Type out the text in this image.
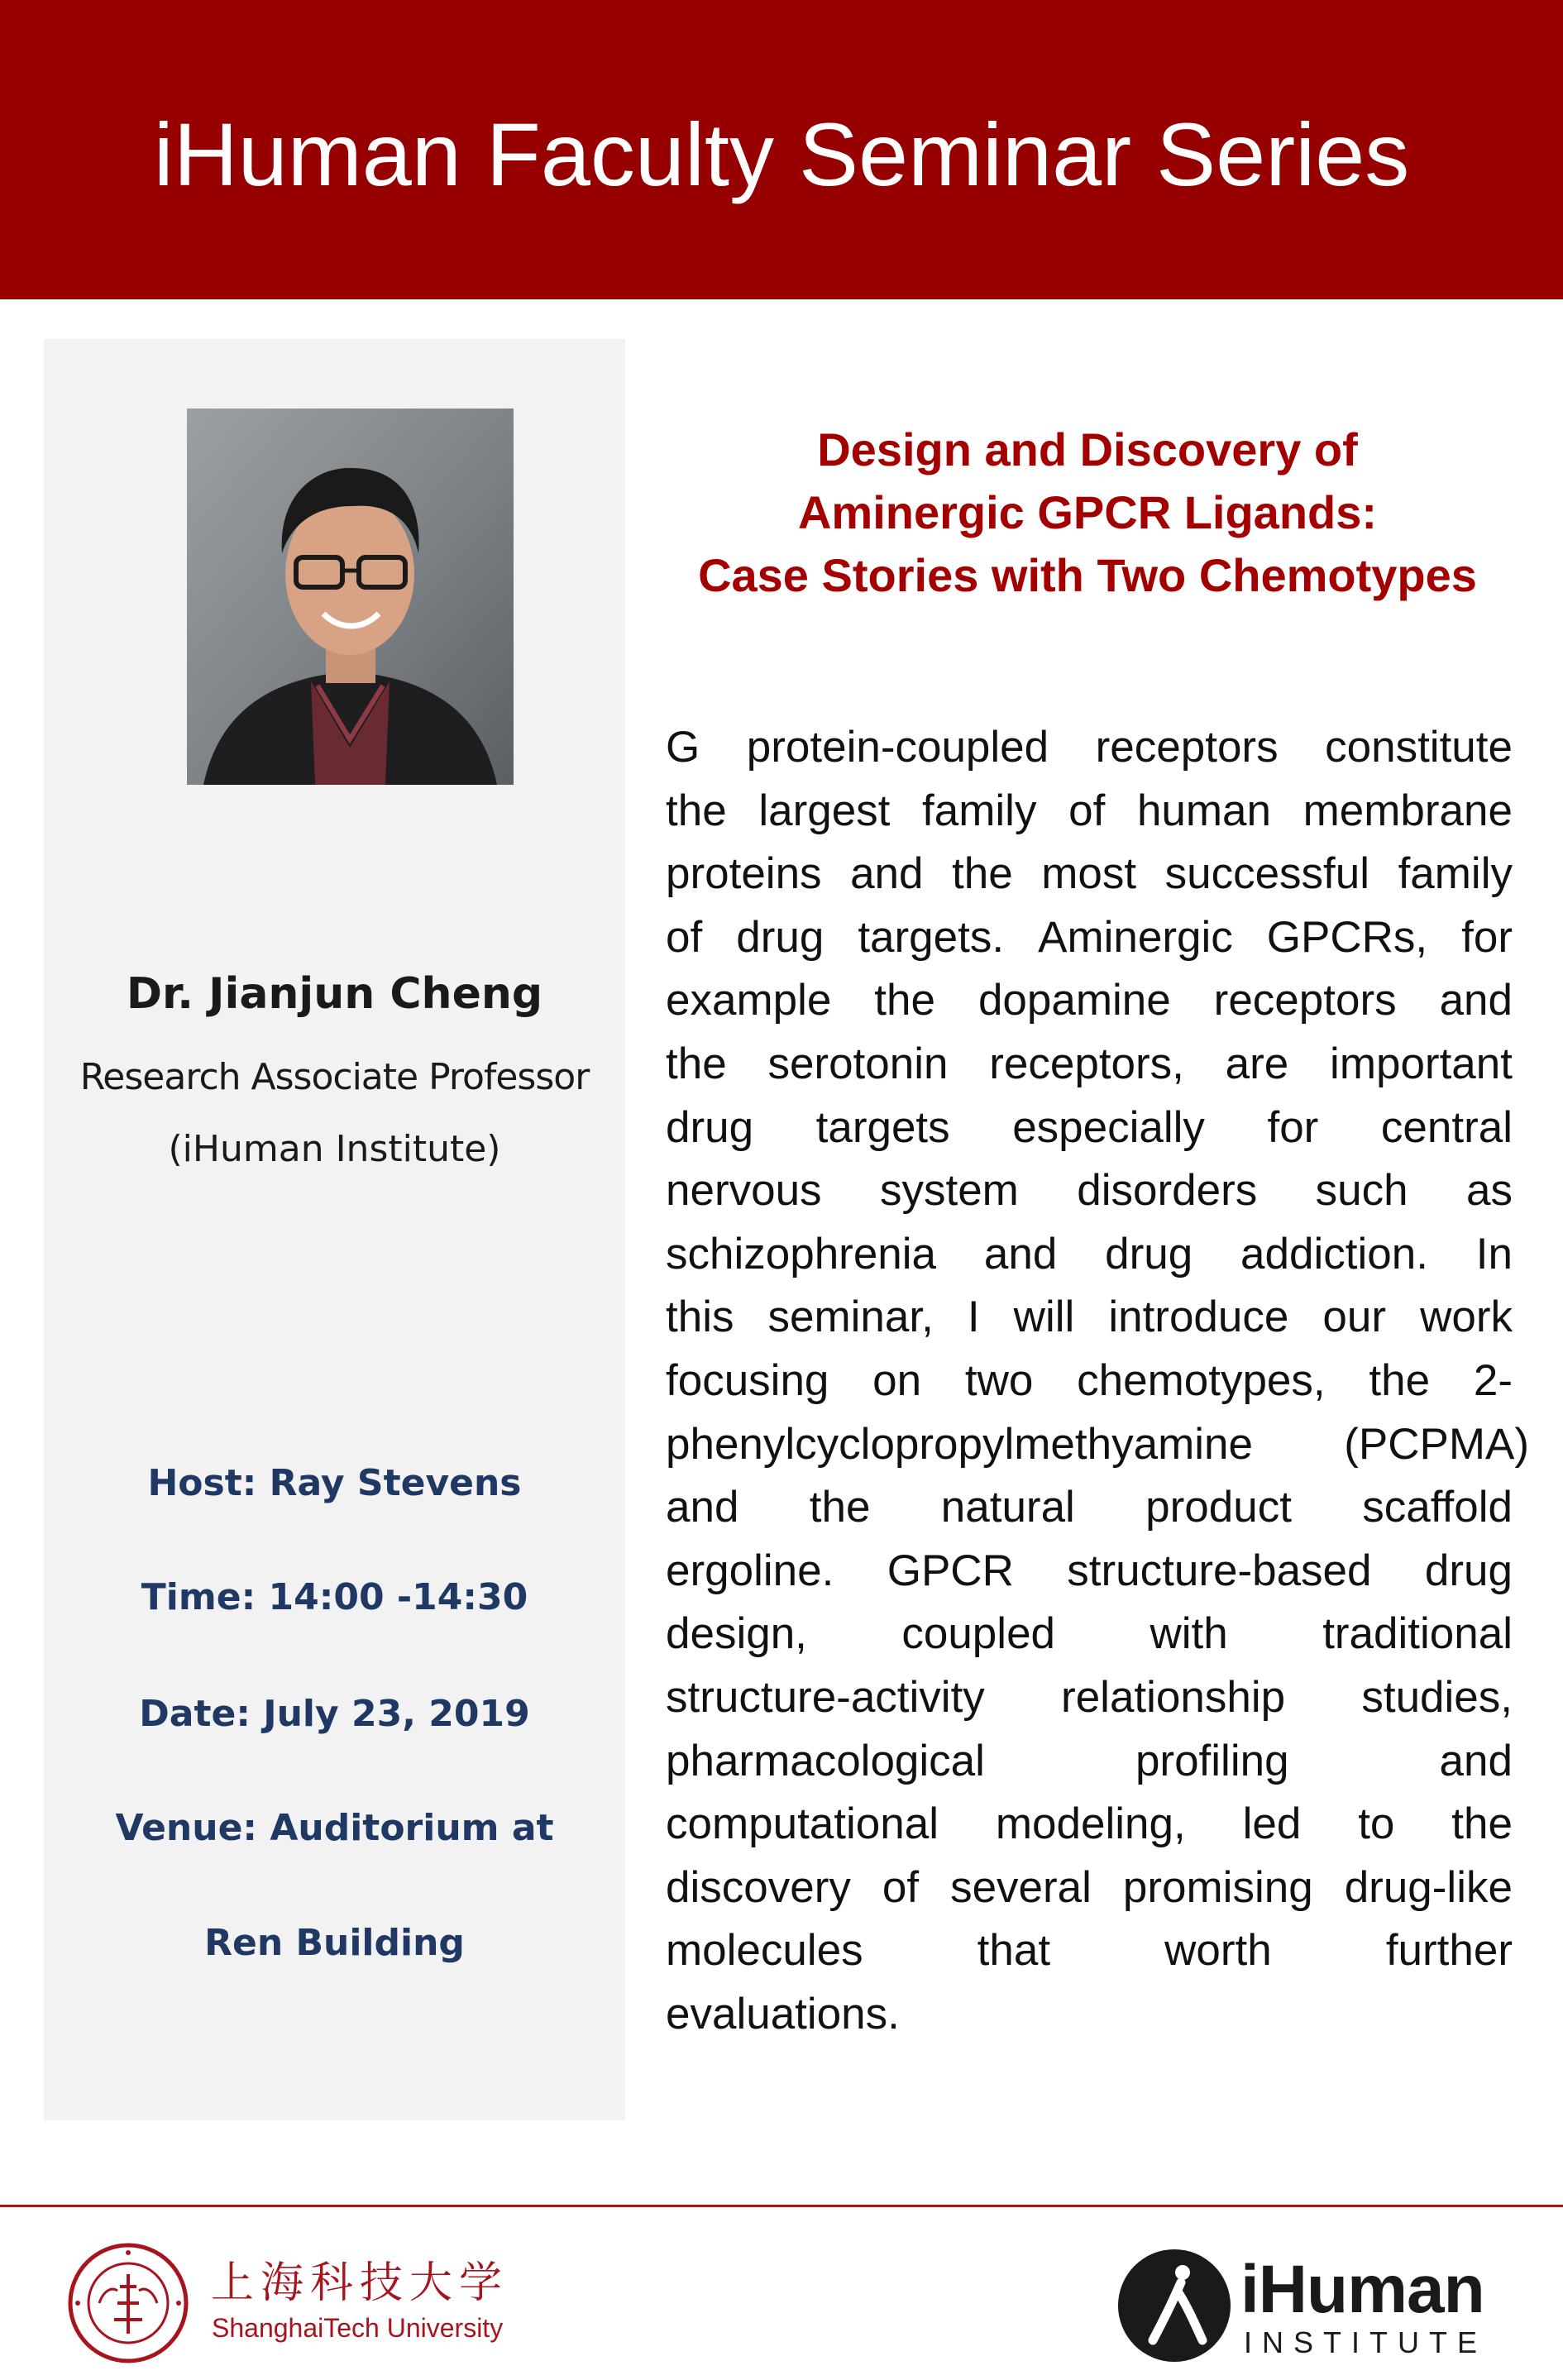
iHuman Faculty Seminar Series
Dr. Jianjun Cheng
Research Associate Professor
(iHuman Institute)
Host: Ray Stevens
Time: 14:00 -14:30
Date: July 23, 2019
Venue: Auditorium at
Ren Building
Design and Discovery of
Aminergic GPCR Ligands:
Case Stories with Two Chemotypes
G protein-coupled receptors constitute
the largest family of human membrane
proteins and the most successful family
of drug targets. Aminergic GPCRs, for
example the dopamine receptors and
the serotonin receptors, are important
drug targets especially for central
nervous system disorders such as
schizophrenia and drug addiction. In
this seminar, I will introduce our work
focusing on two chemotypes, the 2-
phenylcyclopropylmethyamine (PCPMA)
and the natural product scaffold
ergoline. GPCR structure-based drug
design, coupled with traditional
structure-activity relationship studies,
pharmacological	profiling	and
computational modeling, led to the
discovery of several promising drug-like
molecules	that	worth	further
evaluations.
上海科技大学
ShanghaiTech University
iHuman
INSTITUTE
